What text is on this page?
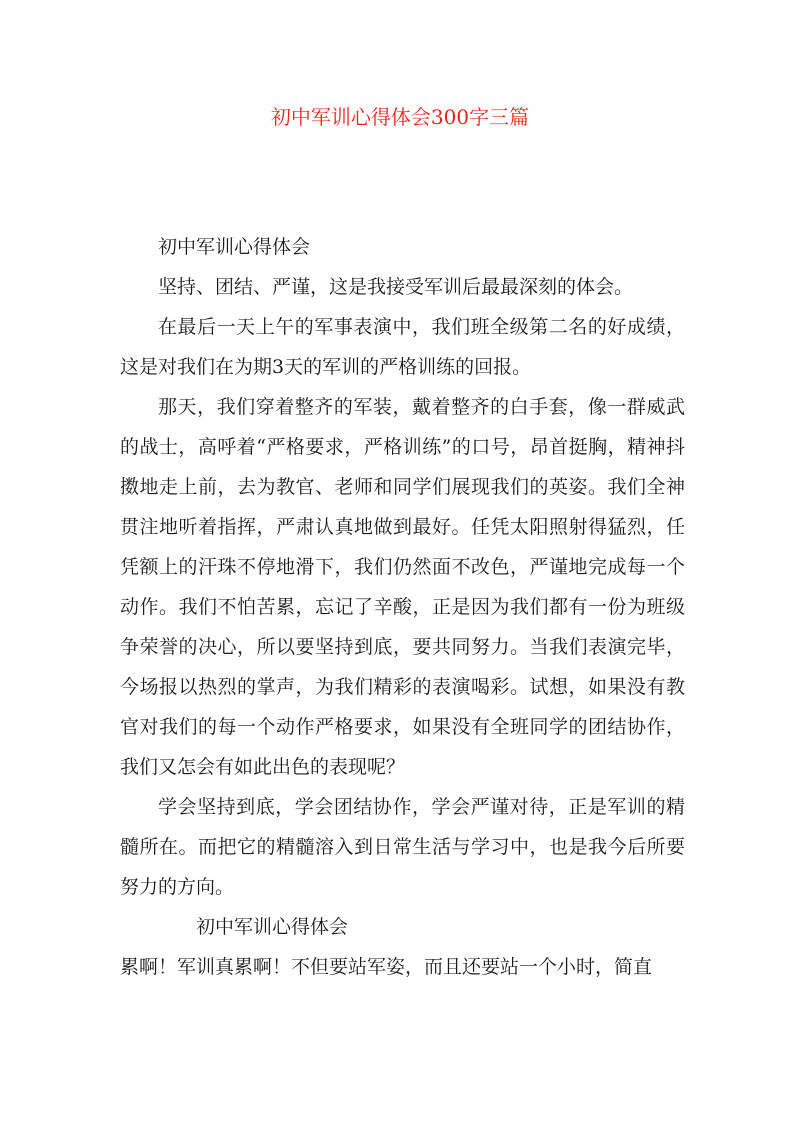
初中军训心得体会300字三篇

初中军训心得体会

坚持、团结、严谨，这是我接受军训后最最深刻的体会。

在最后一天上午的军事表演中，我们班全级第二名的好成绩，这是对我们在为期3天的军训的严格训练的回报。

那天，我们穿着整齐的军装，戴着整齐的白手套，像一群威武的战士，高呼着“严格要求，严格训练”的口号，昂首挺胸，精神抖擞地走上前，去为教官、老师和同学们展现我们的英姿。我们全神贯注地听着指挥，严肃认真地做到最好。任凭太阳照射得猛烈，任凭额上的汗珠不停地滑下，我们仍然面不改色，严谨地完成每一个动作。我们不怕苦累，忘记了辛酸，正是因为我们都有一份为班级争荣誉的决心，所以要坚持到底，要共同努力。当我们表演完毕，今场报以热烈的掌声，为我们精彩的表演喝彩。试想，如果没有教官对我们的每一个动作严格要求，如果没有全班同学的团结协作，我们又怎会有如此出色的表现呢？

学会坚持到底，学会团结协作，学会严谨对待，正是军训的精髓所在。而把它的精髓溶入到日常生活与学习中，也是我今后所要努力的方向。

初中军训心得体会

累啊！军训真累啊！不但要站军姿，而且还要站一个小时，简直
